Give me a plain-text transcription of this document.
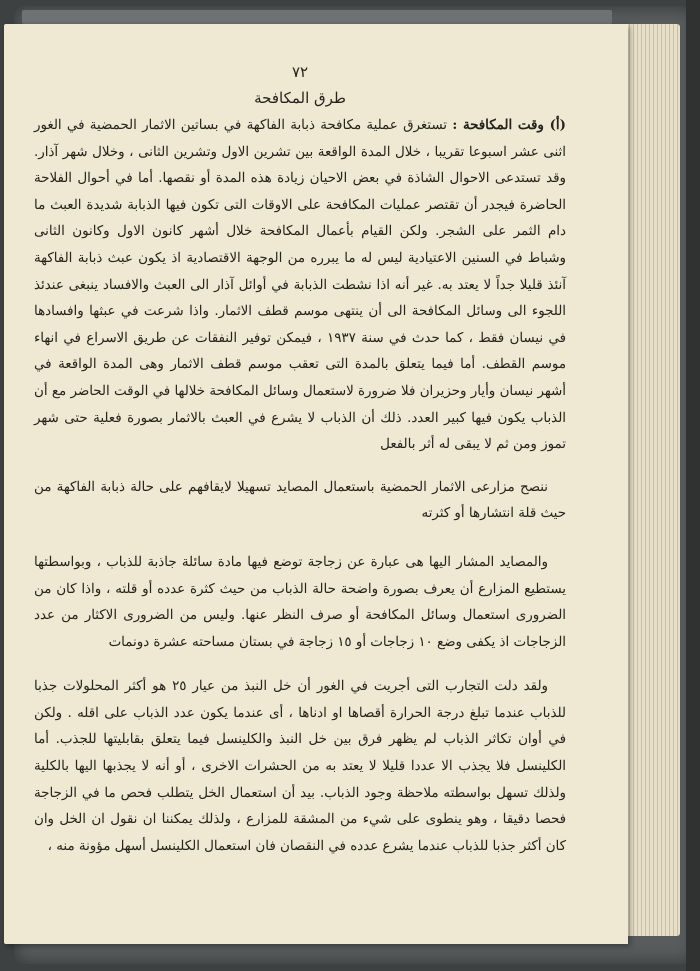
٧٢

طرق المكافحة

(أ) وقت المكافحة : تستغرق عملية مكافحة ذبابة الفاكهة في بساتين الاثمار الحمضية في الغور اثنى عشر اسبوعا تقريبا ، خلال المدة الواقعة بين تشرين الاول وتشرين الثانى ، وخلال شهر آذار. وقد تستدعى الاحوال الشاذة في بعض الاحيان زيادة هذه المدة أو نقصها. أما في أحوال الفلاحة الحاضرة فيجدر أن تقتصر عمليات المكافحة على الاوقات التى تكون فيها الذبابة شديدة العبث ما دام الثمر على الشجر. ولكن القيام بأعمال المكافحة خلال أشهر كانون الاول وكانون الثانى وشباط في السنين الاعتيادية ليس له ما يبرره من الوجهة الاقتصادية اذ يكون عبث ذبابة الفاكهة آنئذ قليلا جداً لا يعتد به. غير أنه اذا نشطت الذبابة في أوائل آذار الى العبث والافساد ينبغى عندئذ اللجوء الى وسائل المكافحة الى أن ينتهى موسم قطف الاثمار. واذا شرعت في عبثها وافسادها في نيسان فقط ، كما حدث في سنة ١٩٣٧ ، فيمكن توفير النفقات عن طريق الاسراع في انهاء موسم القطف. أما فيما يتعلق بالمدة التى تعقب موسم قطف الاثمار وهى المدة الواقعة في أشهر نيسان وأيار وحزيران فلا ضرورة لاستعمال وسائل المكافحة خلالها في الوقت الحاضر مع أن الذباب يكون فيها كبير العدد. ذلك أن الذباب لا يشرع في العبث بالاثمار بصورة فعلية حتى شهر تموز ومن ثم لا يبقى له أثر بالفعل

ننصح مزارعى الاثمار الحمضية باستعمال المصايد تسهيلا لايقافهم على حالة ذبابة الفاكهة من حيث قلة انتشارها أو كثرته

والمصايد المشار اليها هى عبارة عن زجاجة توضع فيها مادة سائلة جاذبة للذباب ، وبواسطتها يستطيع المزارع أن يعرف بصورة واضحة حالة الذباب من حيث كثرة عدده أو قلته ، واذا كان من الضرورى استعمال وسائل المكافحة أو صرف النظر عنها. وليس من الضرورى الاكثار من عدد الزجاجات اذ يكفى وضع ١٠ زجاجات أو ١٥ زجاجة في بستان مساحته عشرة دونمات

ولقد دلت التجارب التى أجريت في الغور أن خل النبذ من عيار ٢٥ هو أكثر المحلولات جذبا للذباب عندما تبلغ درجة الحرارة أقصاها او ادناها ، أى عندما يكون عدد الذباب على اقله . ولكن في أوان تكاثر الذباب لم يظهر فرق بين خل النبذ والكلينسل فيما يتعلق بقابليتها للجذب. أما الكلينسل فلا يجذب الا عددا قليلا لا يعتد به من الحشرات الاخرى ، أو أنه لا يجذبها اليها بالكلية ولذلك تسهل بواسطته ملاحظة وجود الذباب. بيد أن استعمال الخل يتطلب فحص ما في الزجاجة فحصا دقيقا ، وهو ينطوى على شيء من المشقة للمزارع ، ولذلك يمكننا ان نقول ان الخل وان كان أكثر جذبا للذباب عندما يشرع عدده في النقصان فان استعمال الكلينسل أسهل مؤونة منه ،
